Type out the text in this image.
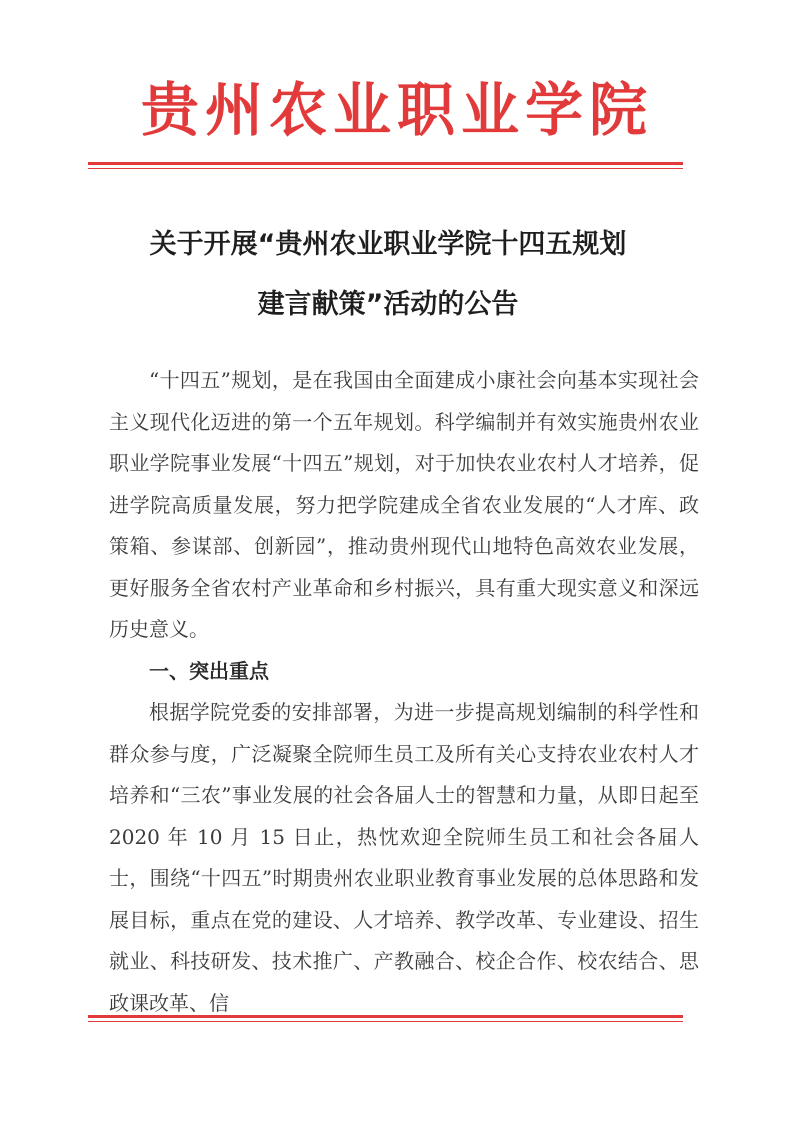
贵州农业职业学院
关于开展“贵州农业职业学院十四五规划
建言献策”活动的公告

“十四五”规划，是在我国由全面建成小康社会向基本实现社会主义现代化迈进的第一个五年规划。科学编制并有效实施贵州农业职业学院事业发展“十四五”规划，对于加快农业农村人才培养，促进学院高质量发展，努力把学院建成全省农业发展的“人才库、政策箱、参谋部、创新园”，推动贵州现代山地特色高效农业发展，更好服务全省农村产业革命和乡村振兴，具有重大现实意义和深远历史意义。

一、突出重点

根据学院党委的安排部署，为进一步提高规划编制的科学性和群众参与度，广泛凝聚全院师生员工及所有关心支持农业农村人才培养和“三农”事业发展的社会各届人士的智慧和力量，从即日起至 2020 年 10 月 15 日止，热忱欢迎全院师生员工和社会各届人士，围绕“十四五”时期贵州农业职业教育事业发展的总体思路和发展目标，重点在党的建设、人才培养、教学改革、专业建设、招生就业、科技研发、技术推广、产教融合、校企合作、校农结合、思政课改革、信
